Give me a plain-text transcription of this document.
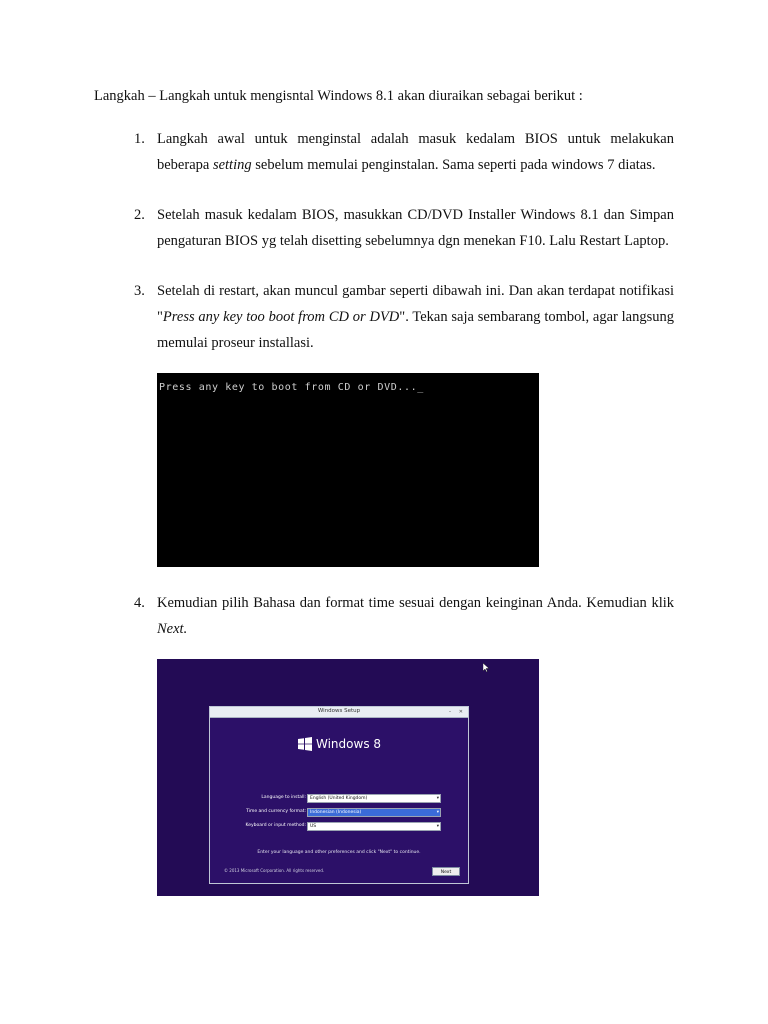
Langkah – Langkah untuk mengisntal Windows 8.1 akan diuraikan sebagai berikut :
1. Langkah awal untuk menginstal adalah masuk kedalam BIOS untuk melakukan beberapa setting sebelum memulai penginstalan. Sama seperti pada windows 7 diatas.
2. Setelah masuk kedalam BIOS, masukkan CD/DVD Installer Windows 8.1 dan Simpan pengaturan BIOS yg telah disetting sebelumnya dgn menekan F10. Lalu Restart Laptop.
3. Setelah di restart, akan muncul gambar seperti dibawah ini. Dan akan terdapat notifikasi "Press any key too boot from CD or DVD". Tekan saja sembarang tombol, agar langsung memulai proseur installasi.
Press any key to boot from CD or DVD..._
4. Kemudian pilih Bahasa dan format time sesuai dengan keinginan Anda. Kemudian klik Next.
Windows Setup	– ✕
Windows 8
Language to install: English (United Kingdom)	▾
Time and currency format: Indonesian (Indonesia)	▾
Keyboard or input method: US	▾
Enter your language and other preferences and click "Next" to continue.
© 2013 Microsoft Corporation. All rights reserved.	Next
